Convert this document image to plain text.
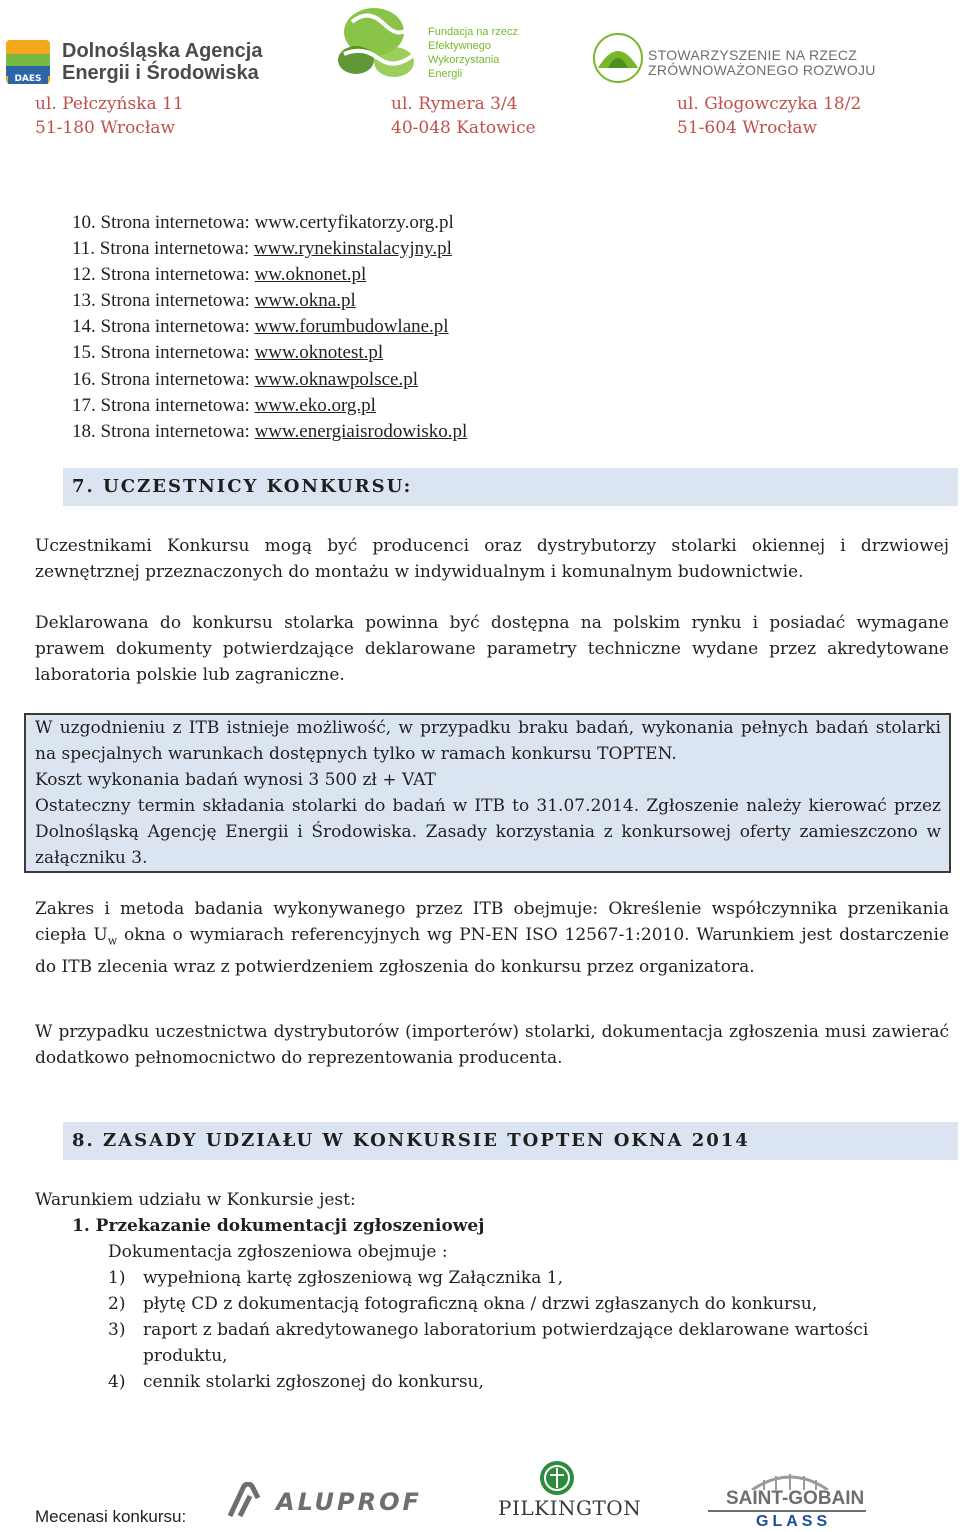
DAES
Dolnośląska Agencja
Energii i Środowiska
Fundacja na rzecz
Efektywnego
Wykorzystania
Energii
STOWARZYSZENIE NA RZECZ
ZRÓWNOWAŻONEGO ROZWOJU
ul. Pełczyńska 11
51-180 Wrocław
ul. Rymera 3/4
40-048 Katowice
ul. Głogowczyka 18/2
51-604 Wrocław
10. Strona internetowa: www.certyfikatorzy.org.pl
11. Strona internetowa: www.rynekinstalacyjny.pl
12. Strona internetowa: ww.oknonet.pl
13. Strona internetowa: www.okna.pl
14. Strona internetowa: www.forumbudowlane.pl
15. Strona internetowa: www.oknotest.pl
16. Strona internetowa: www.oknawpolsce.pl
17. Strona internetowa: www.eko.org.pl
18. Strona internetowa: www.energiaisrodowisko.pl
7. UCZESTNICY KONKURSU:
Uczestnikami Konkursu mogą być producenci oraz dystrybutorzy stolarki okiennej i drzwiowej zewnętrznej przeznaczonych do montażu w indywidualnym i komunalnym budownictwie.
Deklarowana do konkursu stolarka powinna być dostępna na polskim rynku i posiadać wymagane prawem dokumenty potwierdzające deklarowane parametry techniczne wydane przez akredytowane laboratoria polskie lub zagraniczne.

W uzgodnieniu z ITB istnieje możliwość, w przypadku braku badań, wykonania pełnych badań stolarki na specjalnych warunkach dostępnych tylko w ramach konkursu TOPTEN.

Koszt wykonania badań wynosi 3 500 zł + VAT

Ostateczny termin składania stolarki do badań w ITB to 31.07.2014. Zgłoszenie należy kierować przez Dolnośląską Agencję Energii i Środowiska. Zasady korzystania z konkursowej oferty zamieszczono w załączniku 3.

Zakres i metoda badania wykonywanego przez ITB obejmuje: Określenie współczynnika przenikania ciepła $U_w$ okna o wymiarach referencyjnych wg PN-EN ISO 12567-1:2010. Warunkiem jest dostarczenie do ITB zlecenia wraz z potwierdzeniem zgłoszenia do konkursu przez organizatora.
W przypadku uczestnictwa dystrybutorów (importerów) stolarki, dokumentacja zgłoszenia musi zawierać dodatkowo pełnomocnictwo do reprezentowania producenta.
8. ZASADY UDZIAŁU W KONKURSIE TOPTEN OKNA 2014
Warunkiem udziału w Konkursie jest:
1. Przekazanie dokumentacji zgłoszeniowej
Dokumentacja zgłoszeniowa obejmuje :
1) wypełnioną kartę zgłoszeniową wg Załącznika 1,
2) płytę CD z dokumentacją fotograficzną okna / drzwi zgłaszanych do konkursu,
3) raport z badań akredytowanego laboratorium potwierdzające deklarowane wartości produktu,
4) cennik stolarki zgłoszonej do konkursu,
Mecenasi konkursu:
ALUPROF	PILKINGTON	SAINT-GOBAIN
GLASS
